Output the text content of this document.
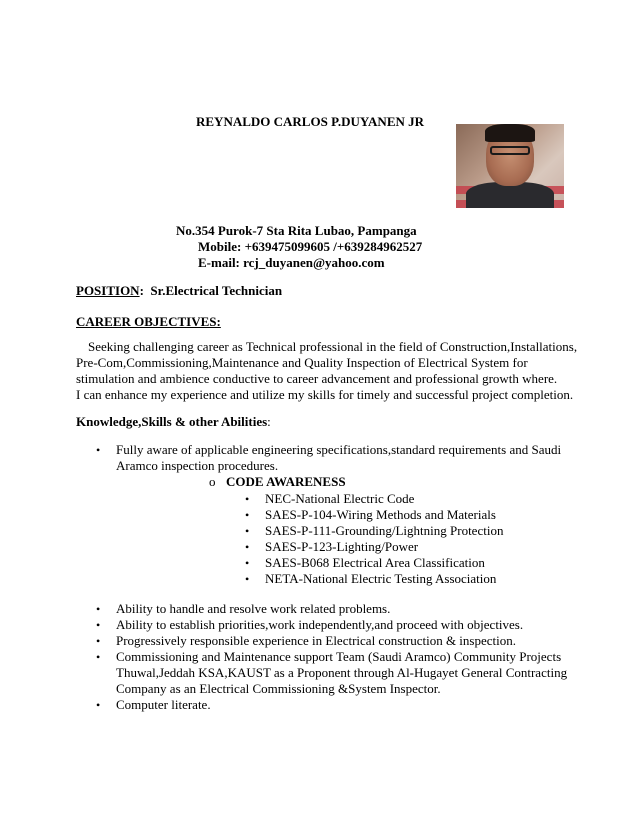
REYNALDO CARLOS P.DUYANEN JR
No.354 Purok-7 Sta Rita Lubao, Pampanga
Mobile: +639475099605 /+639284962527
E-mail: rcj_duyanen@yahoo.com
POSITION: Sr.Electrical Technician
CAREER OBJECTIVES:
Seeking challenging career as Technical professional in the field of Construction,Installations,
Pre-Com,Commissioning,Maintenance and Quality Inspection of Electrical System for
stimulation and ambience conductive to career advancement and professional growth where.
I can enhance my experience and utilize my skills for timely and successful project completion.
Knowledge,Skills & other Abilities:
• Fully aware of applicable engineering specifications,standard requirements and Saudi
Aramco inspection procedures.
o CODE AWARENESS
• NEC-National Electric Code
• SAES-P-104-Wiring Methods and Materials
• SAES-P-111-Grounding/Lightning Protection
• SAES-P-123-Lighting/Power
• SAES-B068 Electrical Area Classification
• NETA-National Electric Testing Association
• Ability to handle and resolve work related problems.
• Ability to establish priorities,work independently,and proceed with objectives.
• Progressively responsible experience in Electrical construction & inspection.
• Commissioning and Maintenance support Team (Saudi Aramco) Community Projects
Thuwal,Jeddah KSA,KAUST as a Proponent through Al-Hugayet General Contracting
Company as an Electrical Commissioning &System Inspector.
• Computer literate.
